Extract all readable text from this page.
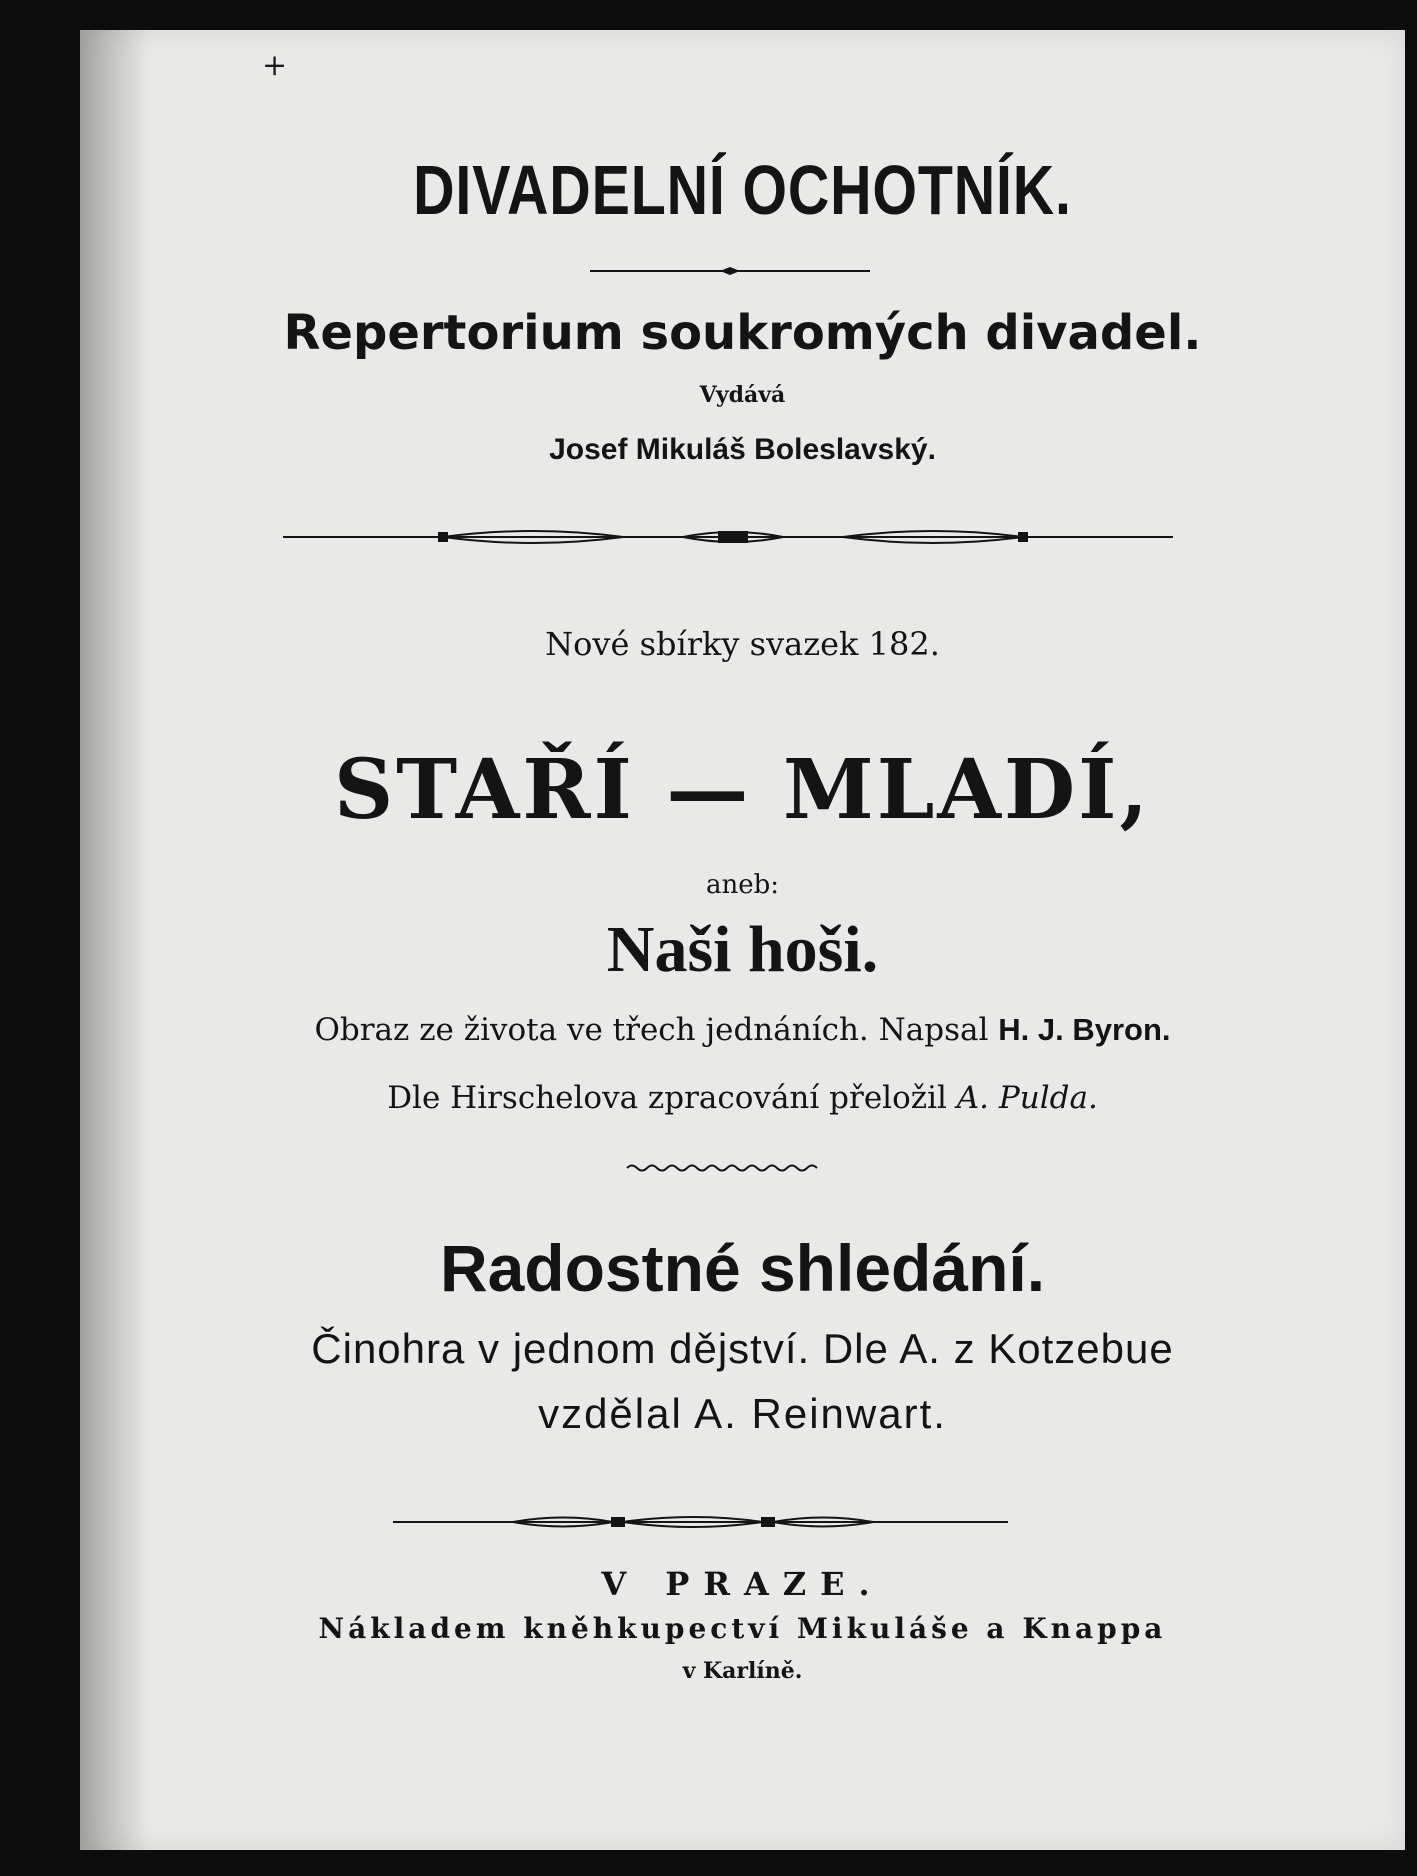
+
DIVADELNÍ OCHOTNÍK.
Repertorium soukromých divadel.
Vydává
Josef Mikuláš Boleslavský.
Nové sbírky svazek 182.
STAŘÍ — MLADÍ,
aneb:
Naši hoši.
Obraz ze života ve třech jednáních. Napsal H. J. Byron.
Dle Hirschelova zpracování přeložil A. Pulda.
Radostné shledání.
Činohra v jednom dějství. Dle A. z Kotzebue
vzdělal A. Reinwart.
V PRAZE.
Nákladem kněhkupectví Mikuláše a Knappa
v Karlíně.
